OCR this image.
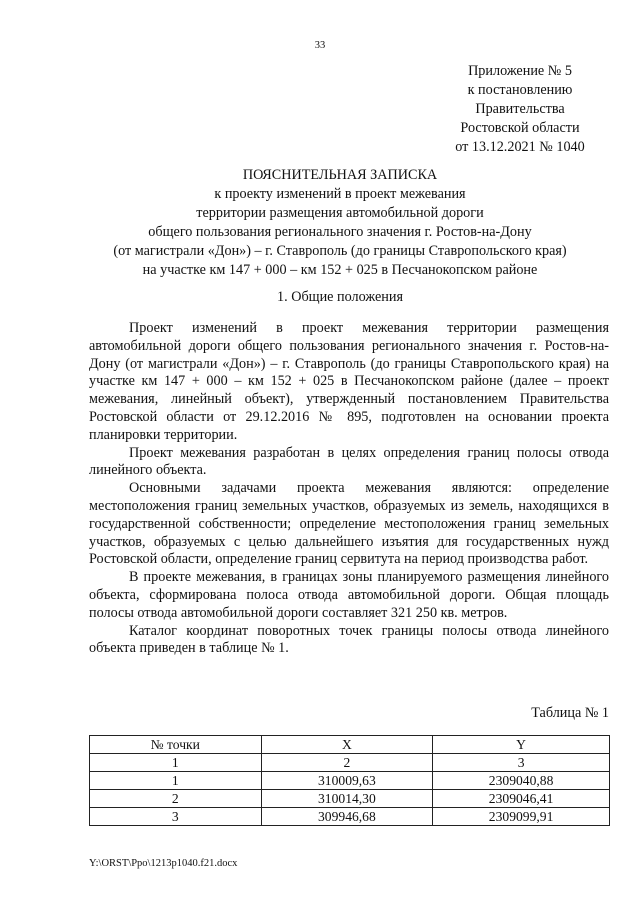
33
Приложение № 5
к постановлению
Правительства
Ростовской области
от 13.12.2021 № 1040
ПОЯСНИТЕЛЬНАЯ ЗАПИСКА
к проекту изменений в проект межевания
территории размещения автомобильной дороги
общего пользования регионального значения г. Ростов-на-Дону
(от магистрали «Дон») – г. Ставрополь (до границы Ставропольского края)
на участке км 147 + 000 – км 152 + 025 в Песчанокопском районе
1. Общие положения

Проект изменений в проект межевания территории размещения автомобильной дороги общего пользования регионального значения г. Ростов-на-Дону (от магистрали «Дон») – г. Ставрополь (до границы Ставропольского края) на участке км 147 + 000 – км 152 + 025 в Песчанокопском районе (далее – проект межевания, линейный объект), утвержденный постановлением Правительства Ростовской области от 29.12.2016 № 895, подготовлен на основании проекта планировки территории.

Проект межевания разработан в целях определения границ полосы отвода линейного объекта.

Основными задачами проекта межевания являются: определение местоположения границ земельных участков, образуемых из земель, находящихся в государственной собственности; определение местоположения границ земельных участков, образуемых с целью дальнейшего изъятия для государственных нужд Ростовской области, определение границ сервитута на период производства работ.

В проекте межевания, в границах зоны планируемого размещения линейного объекта, сформирована полоса отвода автомобильной дороги. Общая площадь полосы отвода автомобильной дороги составляет 321 250 кв. метров.

Каталог координат поворотных точек границы полосы отвода линейного объекта приведен в таблице № 1.

Таблица № 1
№ точки	X	Y
1	2	3
1	310009,63	2309040,88
2	310014,30	2309046,41
3	309946,68	2309099,91
Y:\ORST\Ppo\1213p1040.f21.docx
